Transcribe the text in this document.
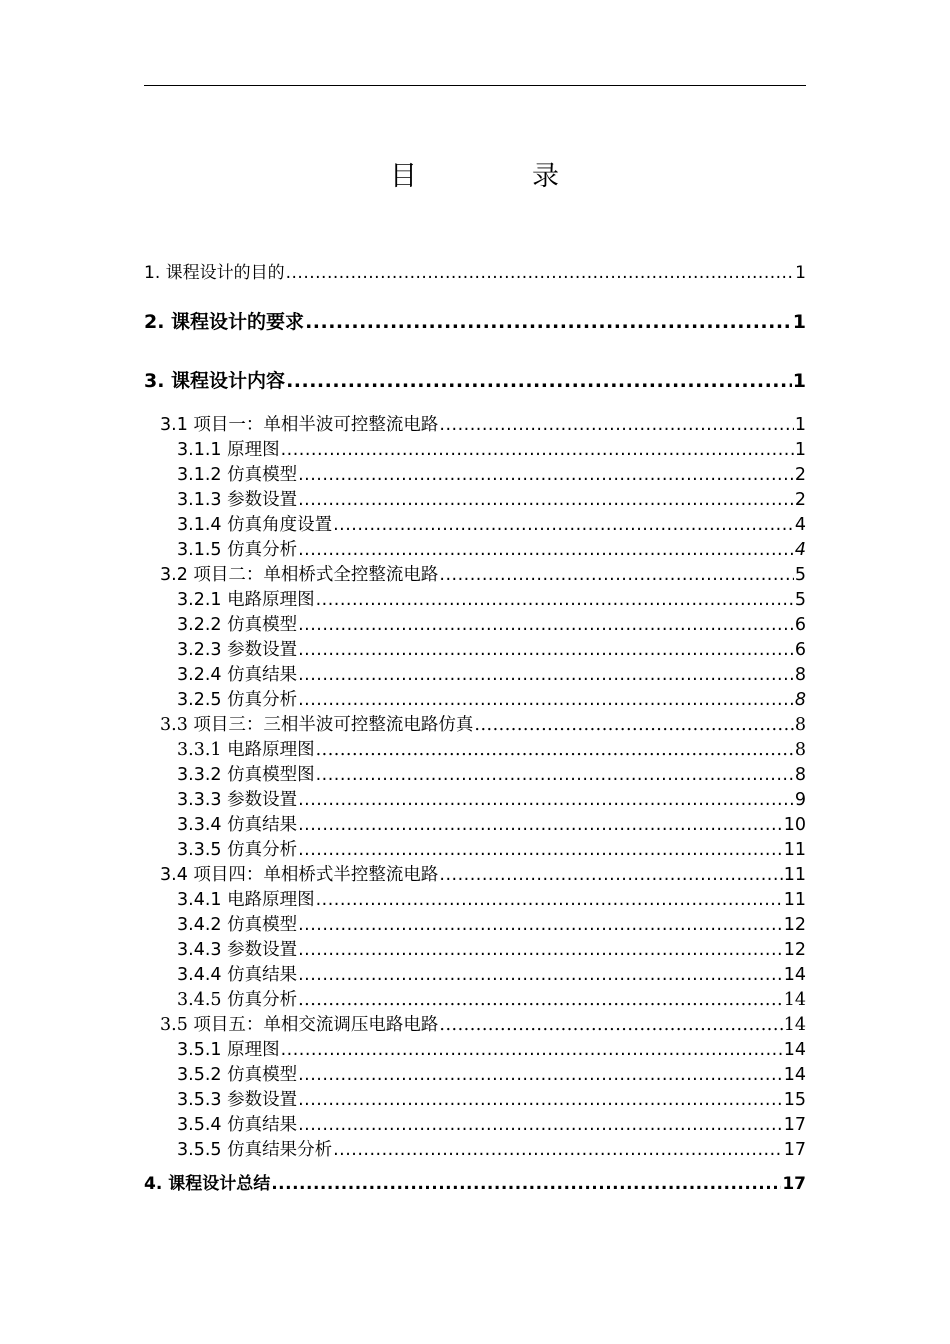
目	录
1. 课程设计的目的 .....	1
2. 课程设计的要求 .....	1
3. 课程设计内容 .....	1
3.1 项目一：单相半波可控整流电路 .....	1
3.1.1 原理图 .....	1
3.1.2 仿真模型 .....	2
3.1.3 参数设置 .....	2
3.1.4 仿真角度设置 .....	4
3.1.5 仿真分析 .....	4
3.2 项目二：单相桥式全控整流电路 .....	5
3.2.1 电路原理图 .....	5
3.2.2 仿真模型 .....	6
3.2.3 参数设置 .....	6
3.2.4 仿真结果 .....	8
3.2.5 仿真分析 .....	8
3.3 项目三：三相半波可控整流电路仿真 .....	8
3.3.1 电路原理图 .....	8
3.3.2 仿真模型图 .....	8
3.3.3 参数设置 .....	9
3.3.4 仿真结果 .....	10
3.3.5 仿真分析 .....	11
3.4 项目四：单相桥式半控整流电路 .....	11
3.4.1 电路原理图 .....	11
3.4.2 仿真模型 .....	12
3.4.3 参数设置 .....	12
3.4.4 仿真结果 .....	14
3.4.5 仿真分析 .....	14
3.5 项目五：单相交流调压电路电路 .....	14
3.5.1 原理图 .....	14
3.5.2 仿真模型 .....	14
3.5.3 参数设置 .....	15
3.5.4 仿真结果 .....	17
3.5.5 仿真结果分析 .....	17
4. 课程设计总结 .....	17
